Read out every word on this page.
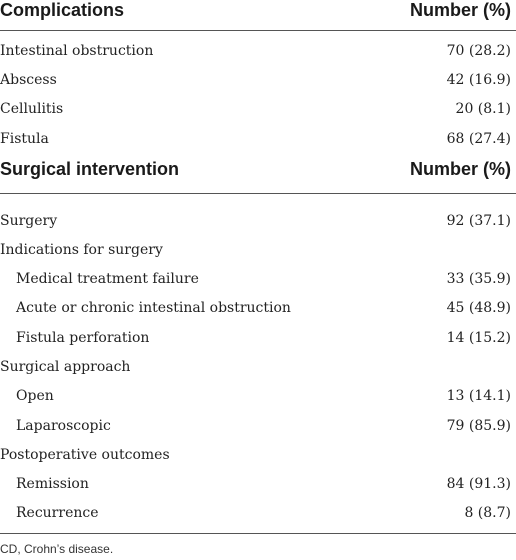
Complications	Number (%)
Intestinal obstruction	70 (28.2)
Abscess	42 (16.9)
Cellulitis	20 (8.1)
Fistula	68 (27.4)
Surgical intervention	Number (%)
Surgery	92 (37.1)
Indications for surgery
Medical treatment failure	33 (35.9)
Acute or chronic intestinal obstruction	45 (48.9)
Fistula perforation	14 (15.2)
Surgical approach
Open	13 (14.1)
Laparoscopic	79 (85.9)
Postoperative outcomes
Remission	84 (91.3)
Recurrence	8 (8.7)
CD, Crohn’s disease.
